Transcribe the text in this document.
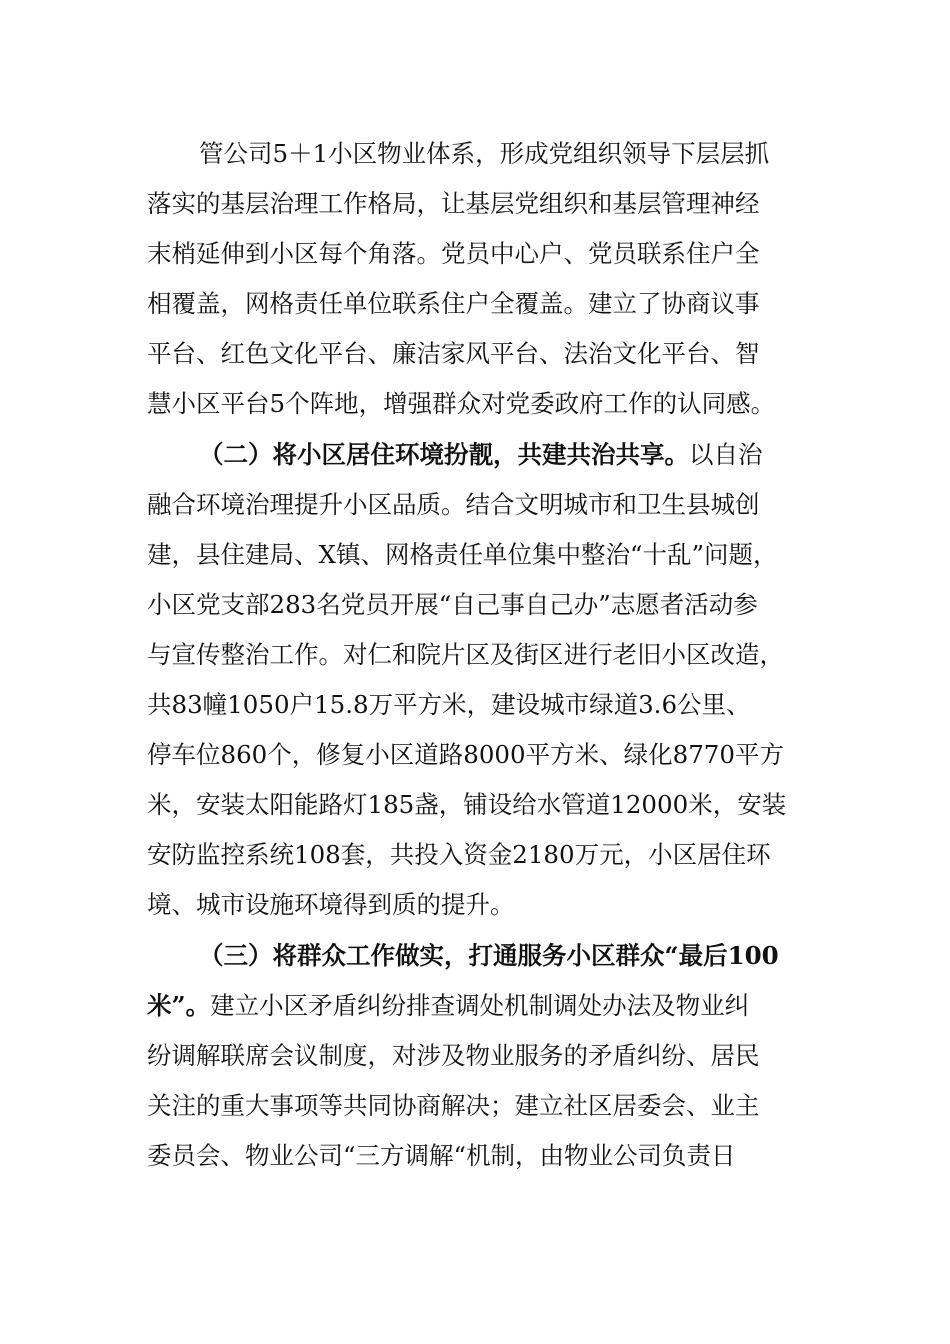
管公司5＋1小区物业体系，形成党组织领导下层层抓
落实的基层治理工作格局，让基层党组织和基层管理神经
末梢延伸到小区每个角落。党员中心户、党员联系住户全
相覆盖，网格责任单位联系住户全覆盖。建立了协商议事
平台、红色文化平台、廉洁家风平台、法治文化平台、智
慧小区平台5个阵地，增强群众对党委政府工作的认同感。
（二）将小区居住环境扮靓，共建共治共享。以自治
融合环境治理提升小区品质。结合文明城市和卫生县城创
建，县住建局、X镇、网格责任单位集中整治“十乱”问题，
小区党支部283名党员开展“自己事自己办”志愿者活动参
与宣传整治工作。对仁和院片区及街区进行老旧小区改造，
共83幢1050户15.8万平方米，建设城市绿道3.6公里、
停车位860个，修复小区道路8000平方米、绿化8770平方
米，安装太阳能路灯185盏，铺设给水管道12000米，安装
安防监控系统108套，共投入资金2180万元，小区居住环
境、城市设施环境得到质的提升。
（三）将群众工作做实，打通服务小区群众“最后100
米”。建立小区矛盾纠纷排查调处机制调处办法及物业纠
纷调解联席会议制度，对涉及物业服务的矛盾纠纷、居民
关注的重大事项等共同协商解决；建立社区居委会、业主
委员会、物业公司“三方调解“机制，由物业公司负责日
